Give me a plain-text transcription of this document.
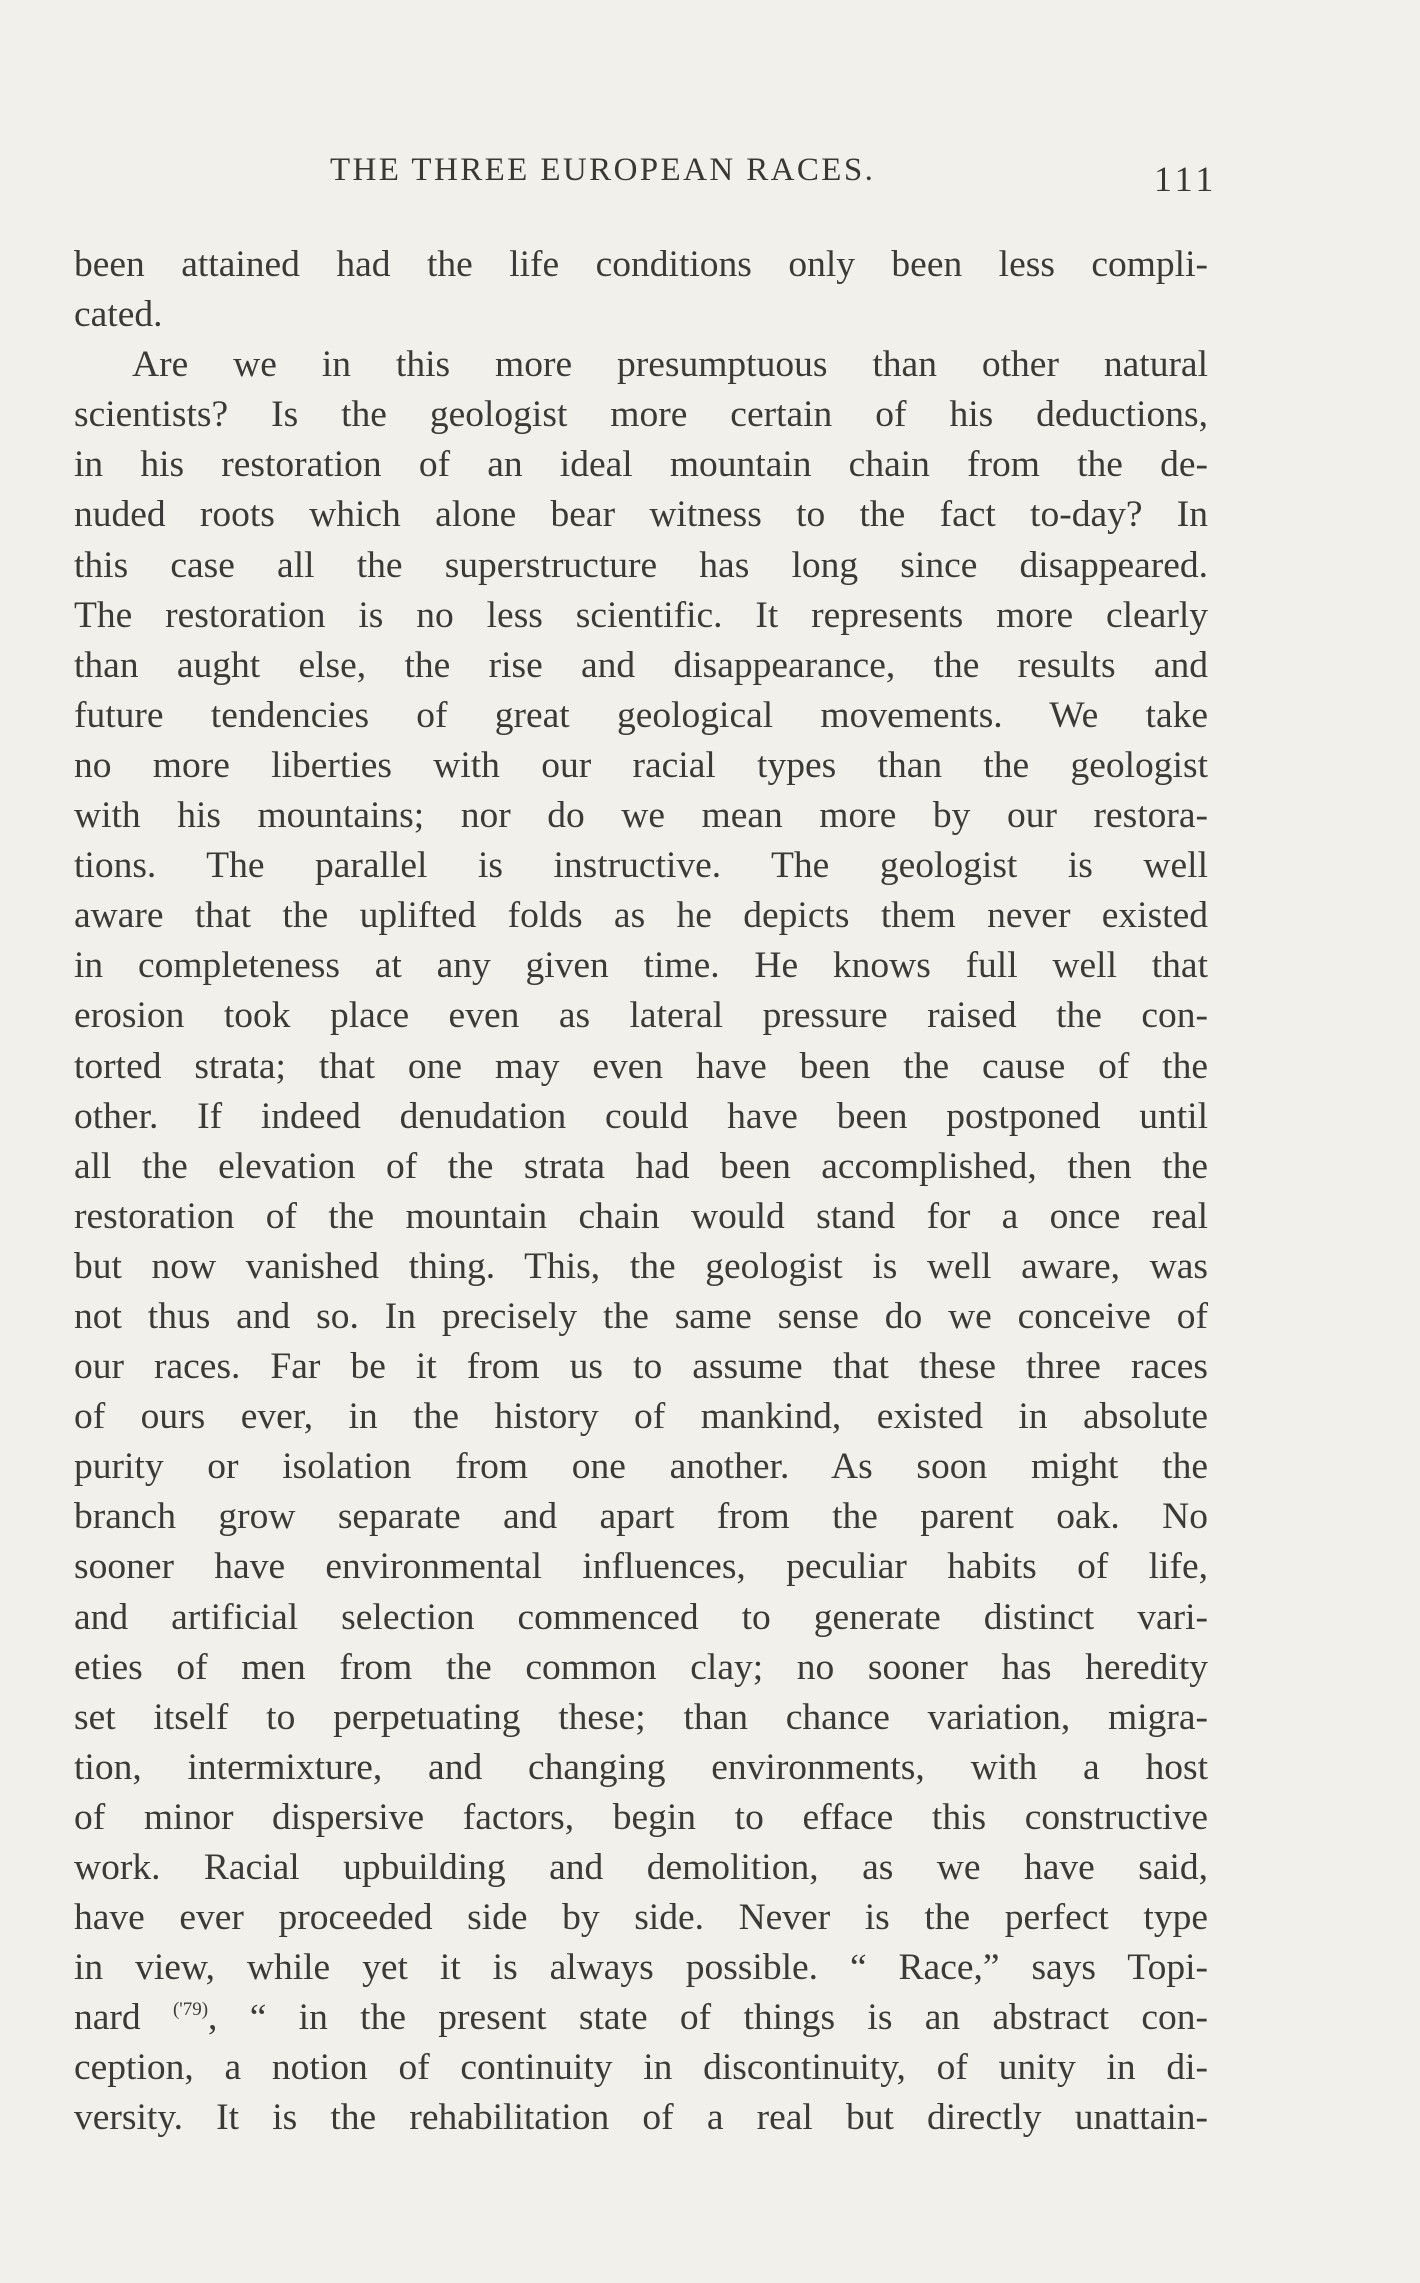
THE THREE EUROPEAN RACES.	111
been attained had the life conditions only been less compli-
cated.
Are we in this more presumptuous than other natural
scientists? Is the geologist more certain of his deductions,
in his restoration of an ideal mountain chain from the de-
nuded roots which alone bear witness to the fact to-day? In
this case all the superstructure has long since disappeared.
The restoration is no less scientific. It represents more clearly
than aught else, the rise and disappearance, the results and
future tendencies of great geological movements. We take
no more liberties with our racial types than the geologist
with his mountains; nor do we mean more by our restora-
tions. The parallel is instructive. The geologist is well
aware that the uplifted folds as he depicts them never existed
in completeness at any given time. He knows full well that
erosion took place even as lateral pressure raised the con-
torted strata; that one may even have been the cause of the
other. If indeed denudation could have been postponed until
all the elevation of the strata had been accomplished, then the
restoration of the mountain chain would stand for a once real
but now vanished thing. This, the geologist is well aware, was
not thus and so. In precisely the same sense do we conceive of
our races. Far be it from us to assume that these three races
of ours ever, in the history of mankind, existed in absolute
purity or isolation from one another. As soon might the
branch grow separate and apart from the parent oak. No
sooner have environmental influences, peculiar habits of life,
and artificial selection commenced to generate distinct vari-
eties of men from the common clay; no sooner has heredity
set itself to perpetuating these; than chance variation, migra-
tion, intermixture, and changing environments, with a host
of minor dispersive factors, begin to efface this constructive
work. Racial upbuilding and demolition, as we have said,
have ever proceeded side by side. Never is the perfect type
in view, while yet it is always possible. “ Race,” says Topi-
nard $^{('79)}$, “ in the present state of things is an abstract con-
ception, a notion of continuity in discontinuity, of unity in di-
versity. It is the rehabilitation of a real but directly unattain-
